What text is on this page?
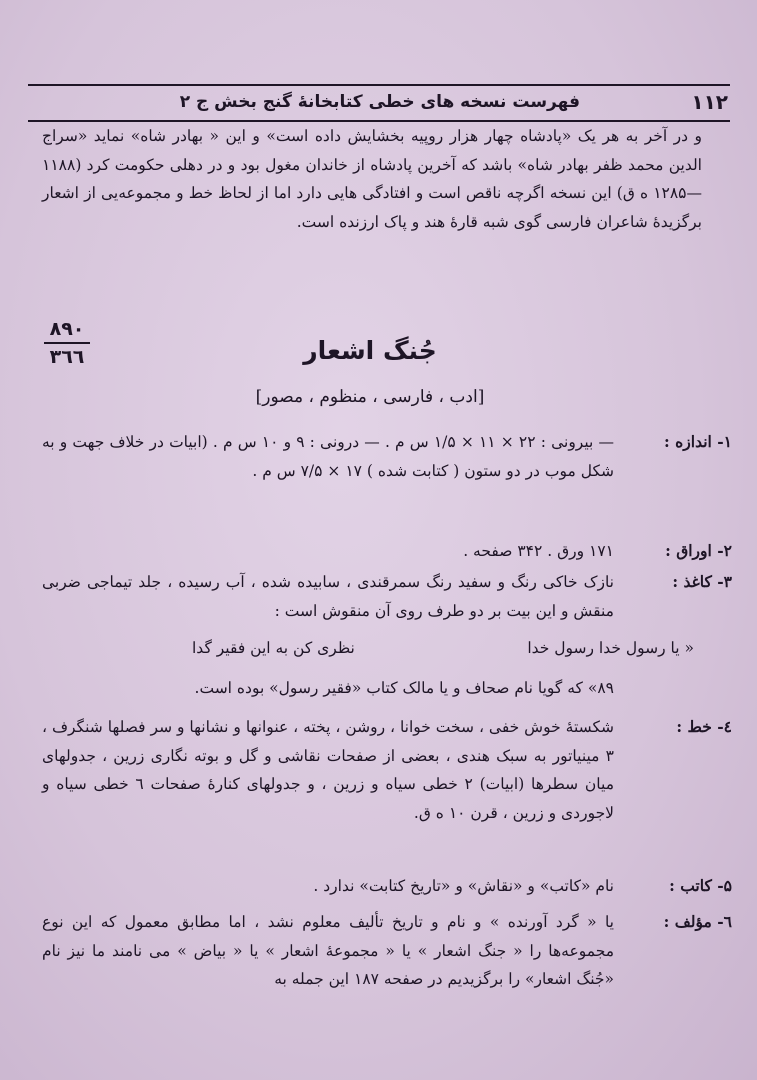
۱۱۲
فهرست نسخه های خطی کتابخانهٔ گنج بخش ج ۲
و در آخر به هر یک «پادشاه چهار هزار روپیه بخشایش داده است» و این « بهادر شاه» نماید «سراج الدین محمد ظفر بهادر شاه» باشد که آخرین پادشاه از خاندان مغول بود و در دهلی حکومت کرد (۱۱۸۸—۱۲۸۵ ه ق) این نسخه اگرچه ناقص است و افتادگی هایی دارد اما از لحاظ خط و مجموعه‌یی از اشعار برگزیدهٔ شاعران فارسی گوی شبه قارهٔ هند و پاک ارزنده است.
۸۹۰
۳٦٦	جُنگ اشعار
[ادب ، فارسی ، منظوم ، مصور]
۱- اندازه :
— بیرونی : ۲۲ × ۱۱ × ۱/۵ س م . — درونی : ۹ و ۱۰ س م . (ابیات در خلاف جهت و به شکل موب در دو ستون ( کتابت شده ) ۱۷ × ۷/۵ س م .
۲- اوراق :
۱۷۱ ورق . ۳۴۲ صفحه .
۳- کاغذ :
نازک خاکی رنگ و سفید رنگ سمرقندی ، سابیده شده ، آب رسیده ، جلد تیماجی ضربی منقش و این بیت بر دو طرف روی آن منقوش است :
« یا رسول خدا رسول خدا
نظری کن به این فقیر گدا
۸۹» که گویا نام صحاف و یا مالک کتاب «فقیر رسول» بوده است.
٤- خط :
شکستهٔ خوش خفی ، سخت خوانا ، روشن ، پخته ، عنوانها و نشانها و سر فصلها شنگرف ، ۳ مینیاتور به سبک هندی ، بعضی از صفحات نقاشی و گل و بوته نگاری زرین ، جدولهای میان سطرها (ابیات) ۲ خطی سیاه و زرین ، و جدولهای کنارهٔ صفحات ٦ خطی سیاه و لاجوردی و زرین ، قرن ۱۰ ه ق.
۵- کاتب :
نام «کاتب» و «نقاش» و «تاریخ کتابت» ندارد .
٦- مؤلف :
یا « گرد آورنده » و نام و تاریخ تألیف معلوم نشد ، اما مطابق معمول که این نوع مجموعه‌ها را « جنگ اشعار » یا « مجموعهٔ اشعار » یا « بیاض » می نامند ما نیز نام «جُنگ اشعار» را برگزیدیم در صفحه ۱۸۷ این جمله به
